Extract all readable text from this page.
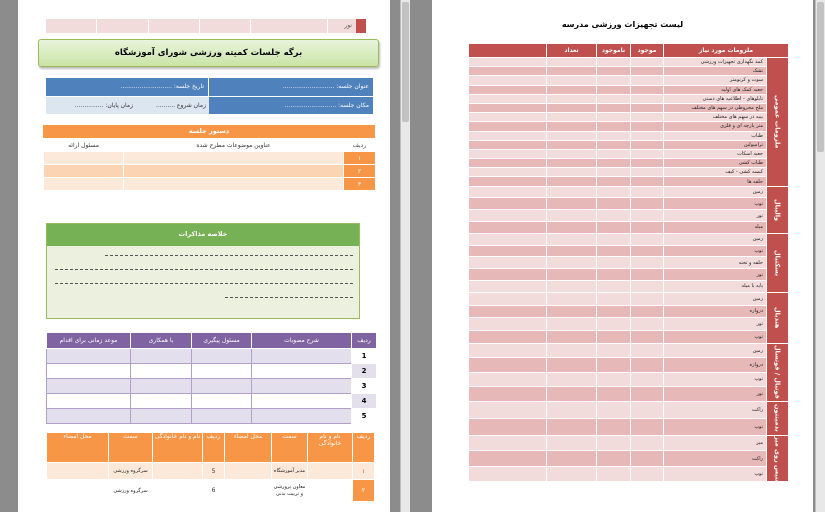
نور
برگه جلسات کمیته ورزشی شورای آموزشگاه
عنوان جلسه: ...........................
تاریخ جلسه: ...........................
مکان جلسه: ...........................
زمان شروع ..........
زمان پایان: ...............
دستور جلسه
ردیف	عناوین موضوعات مطرح شده	مسئول ارائه
۱		
۲		
۳		
خلاصه مذاکرات
ردیف	شرح مصوبات	مسئول پیگیری	با همکاری	موعد زمانی برای اقدام
1				
2				
3				
4				
5				
ردیف	نام و نام خانوادگی	سمت	محل امضاء	ردیف	نام و نام خانوادگی	سمت	محل امضاء
۱		مدیر آموزشگاه		5		سرگروه ورزشی	
۲		معاون پرورشی و تربیت بدنی		6		سرگروه ورزشی	
لیست تجهیزات ورزشی مدرسه
ملزومات مورد نیاز		موجود	ناموجود	تعداد	
ملزومات عمومی	کمد نگهداری تجهیزات ورزشی				
	تشک				
	سوت و کرنومتر				
	جعبه کمک های اولیه				
	تابلوهای - اطلاعیه های دستی				
	ملح مخروطی در سهم های مختلف				
	بیبه در سهم های مختلف				
	متر پارچه ای و فلزی				
	طناب				
	ترامپولین				
	جعبه اسکات				
	طناب کشی				
	کیسه کشی - کیف				
	حلقه ها				
والیبال	زمین				
	توپ				
	تور				
	میله				
بسکتبال	زمین				
	توپ				
	حلقه و تخته				
	تور				
	پایه با میله				
هندبال	زمین				
	دروازه				
	تور				
	توپ				
فوتبال / فوتسال	زمین				
	دروازه				
	توپ				
	تور				
بدمینتون	راکت				
	توپ				
تنیس روی میز	میز				
	راکت				
	توپ				
